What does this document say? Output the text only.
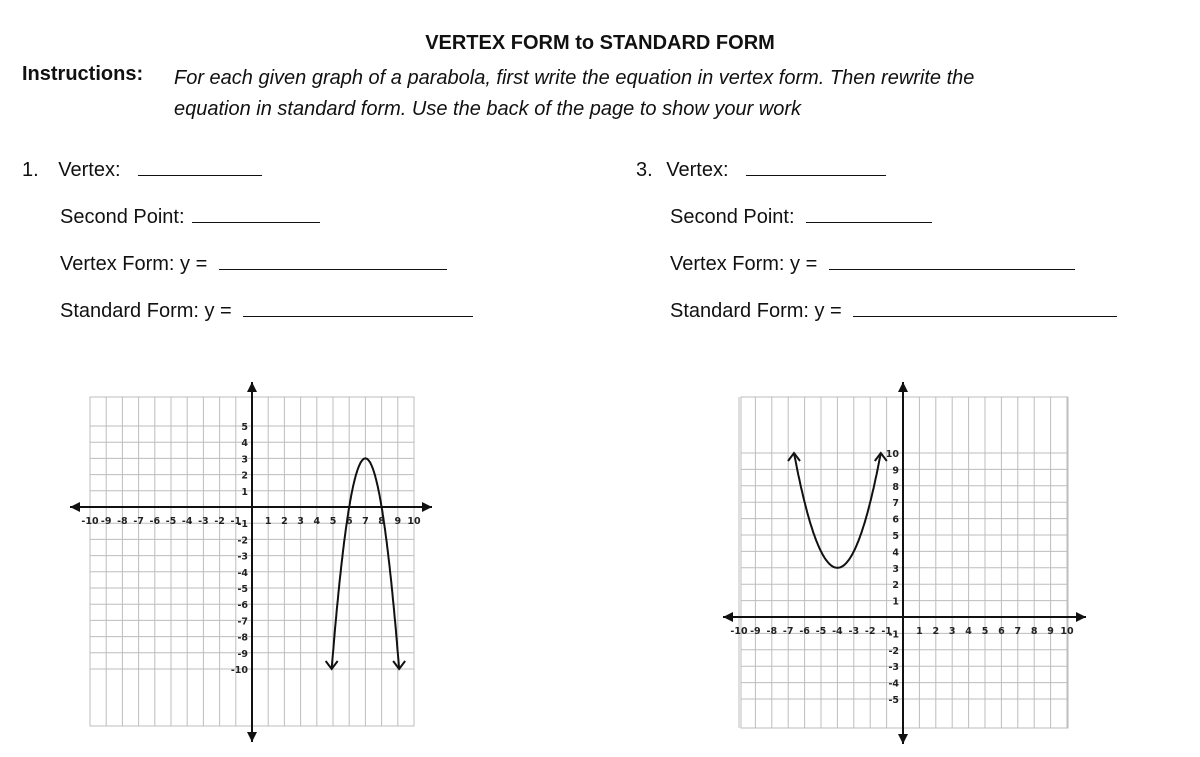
VERTEX FORM to STANDARD FORM
Instructions: For each given graph of a parabola, first write the equation in vertex form. Then rewrite the
equation in standard form. Use the back of the page to show your work
1. Vertex:
Second Point:
Vertex Form: y =
Standard Form: y =
3. Vertex:
Second Point:
Vertex Form: y =
Standard Form: y =
-10 -9 -8 -7 -6 -5 -4 -3 -2 -1	1 2 3 4 5 6 7 8 9 10
5
4
3
2
1
-1
-2
-3
-4
-5
-6
-7
-8
-9
-10
-10 -9 -8 -7 -6 -5 -4 -3 -2 -1	1 2 3 4 5 6 7 8 9 10
10
9
8
7
6
5
4
3
2
1
-1
-2
-3
-4
-5
